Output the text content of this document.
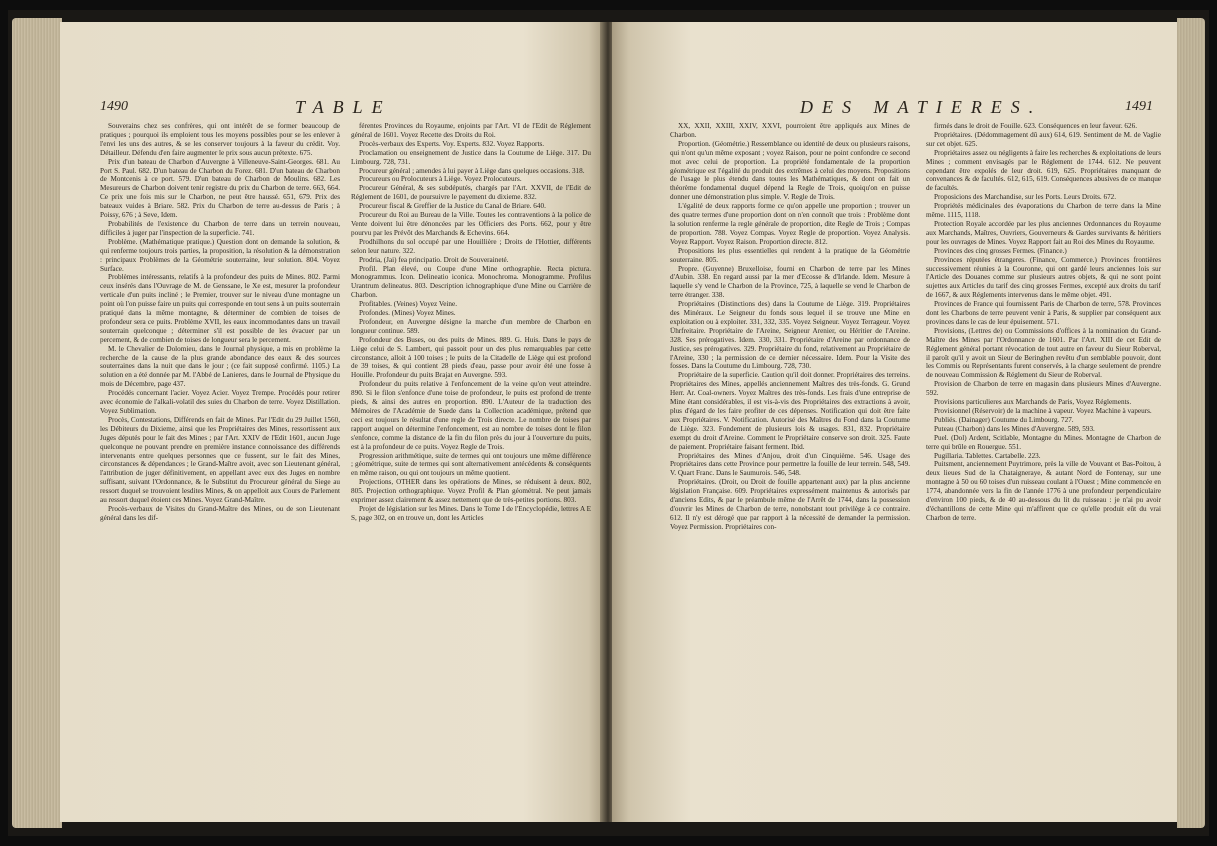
1490	TABLE

Souverains chez ses confrères, qui ont intérêt de se former beaucoup de pratiques ; pourquoi ils emploient tous les moyens possibles pour se les enlever à l'envi les uns des autres, & se les conserver toujours à la faveur du crédit. Voy. Détailleur. Défendu d'en faire augmenter le prix sous aucun prétexte. 675.

Prix d'un bateau de Charbon d'Auvergne à Villeneuve-Saint-Georges. 681. Au Port S. Paul. 682. D'un bateau de Charbon du Forez. 681. D'un bateau de Charbon de Montcenis à ce port. 579. D'un bateau de Charbon de Moulins. 682. Les Mesureurs de Charbon doivent tenir registre du prix du Charbon de terre. 663, 664. Ce prix une fois mis sur le Charbon, ne peut être haussé. 651, 679. Prix des bateaux vuides à Briare. 582. Prix du Charbon de terre au-dessus de Paris ; à Poissy, 676 ; à Seve, Idem.

Probabilités de l'existence du Charbon de terre dans un terrein nouveau, difficiles à juger par l'inspection de la superficie. 741.

Problème. (Mathématique pratique.) Question dont on demande la solution, & qui renferme toujours trois parties, la proposition, la résolution & la démonstration : principaux Problèmes de la Géométrie souterraine, leur solution. 804. Voyez Surface.

Problèmes intéressants, relatifs à la profondeur des puits de Mines. 802. Parmi ceux insérés dans l'Ouvrage de M. de Genssane, le Xe est, mesurer la profondeur verticale d'un puits incliné ; le Premier, trouver sur le niveau d'une montagne un point où l'on puisse faire un puits qui corresponde en tout sens à un puits souterrain pratiqué dans la même montagne, & déterminer de combien de toises de profondeur sera ce puits. Problème XVII, les eaux incommodantes dans un travail souterrain quelconque ; déterminer s'il est possible de les évacuer par un percement, & de combien de toises de longueur sera le percement.

M. le Chevalier de Dolomieu, dans le Journal physique, a mis en problème la recherche de la cause de la plus grande abondance des eaux & des sources souterraines dans la nuit que dans le jour ; (ce fait supposé confirmé. 1105.) La solution en a été donnée par M. l'Abbé de Lanieres, dans le Journal de Physique du mois de Décembre, page 437.

Procédés concernant l'acier. Voyez Acier. Voyez Trempe. Procédés pour retirer avec économie de l'alkali-volatil des suies du Charbon de terre. Voyez Distillation. Voyez Sublimation.

Procès, Contestations, Différends en fait de Mines. Par l'Edit du 29 Juillet 1560, les Débiteurs du Dixieme, ainsi que les Propriétaires des Mines, ressortissent aux Juges députés pour le fait des Mines ; par l'Art. XXIV de l'Edit 1601, aucun Juge quelconque ne pouvant prendre en première instance connoissance des différends intervenants entre quelques personnes que ce fussent, sur le fait des Mines, circonstances & dépendances ; le Grand-Maître avoit, avec son Lieutenant général, l'attribution de juger définitivement, en appellant avec eux des Juges en nombre suffisant, suivant l'Ordonnance, & le Substitut du Procureur général du Siege au ressort duquel se trouvoient lesdites Mines, & on appelloit aux Cours de Parlement au ressort duquel étoient ces Mines. Voyez Grand-Maître.

Procès-verbaux de Visites du Grand-Maître des Mines, ou de son Lieutenant général dans les dif-

férentes Provinces du Royaume, enjoints par l'Art. VI de l'Edit de Réglement général de 1601. Voyez Recette des Droits du Roi.

Procès-verbaux des Experts. Voy. Experts. 832. Voyez Rapports.

Proclamation ou enseignement de Justice dans la Coutume de Liège. 317. Du Limbourg. 728, 731.

Procureur général ; amendes à lui payer à Liège dans quelques occasions. 318.

Procureurs ou Prolocuteurs à Liège. Voyez Prolocuteurs.

Procureur Général, & ses subdéputés, chargés par l'Art. XXVII, de l'Edit de Réglement de 1601, de poursuivre le payement du dixieme. 832.

Procureur fiscal & Greffier de la Justice du Canal de Briare. 640.

Procureur du Roi au Bureau de la Ville. Toutes les contraventions à la police de Vente doivent lui être dénoncées par les Officiers des Ports. 662, pour y être pourvu par les Prévôt des Marchands & Echevins. 664.

Prodhilhons du sol occupé par une Houillière ; Droits de l'Hottier, différents selon leur nature. 322.

Prodria, (Jai) fea principatio. Droit de Souveraineté.

Profil. Plan élevé, ou Coupe d'une Mine orthographie. Recta pictura. Monogrammus. Icon. Delineatio iconica. Monochroma. Monogramme. Profilus Urantrum delineatus. 803. Description ichnographique d'une Mine ou Carrière de Charbon.

Profitables. (Veines) Voyez Veine.

Profondes. (Mines) Voyez Mines.

Profondeur, en Auvergne désigne la marche d'un membre de Charbon en longueur continue. 589.

Profondeur des Buses, ou des puits de Mines. 889. G. Huis. Dans le pays de Liège celui de S. Lambert, qui passoit pour un des plus remarquables par cette circonstance, alloit à 100 toises ; le puits de la Citadelle de Liège qui est profond de 39 toises, & qui contient 28 pieds d'eau, passe pour avoir été une fosse à Houille. Profondeur du puits Brajat en Auvergne. 593.

Profondeur du puits relative à l'enfoncement de la veine qu'on veut atteindre. 890. Si le filon s'enfonce d'une toise de profondeur, le puits est profond de trente pieds, & ainsi des autres en proportion. 890. L'Auteur de la traduction des Mémoires de l'Académie de Suede dans la Collection académique, prétend que ceci est toujours le résultat d'une regle de Trois directe. Le nombre de toises par rapport auquel on détermine l'enfoncement, est au nombre de toises dont le filon s'enfonce, comme la distance de la fin du filon près du jour à l'ouverture du puits, est à la profondeur de ce puits. Voyez Regle de Trois.

Progression arithmétique, suite de termes qui ont toujours une même différence ; géométrique, suite de termes qui sont alternativement antécédents & conséquents en même raison, ou qui ont toujours un même quotient.

Projections, OTHER dans les opérations de Mines, se réduisent à deux. 802, 805. Projection orthographique. Voyez Profil & Plan géométral. Ne peut jamais exprimer assez clairement & assez nettement que de très-petites portions. 803.

Projet de législation sur les Mines. Dans le Tome I de l'Encyclopédie, lettres A E S, page 302, on en trouve un, dont les Articles

DES MATIERES.	1491

XX, XXII, XXIII, XXIV, XXVI, pourroient être appliqués aux Mines de Charbon.

Proportion. (Géométrie.) Ressemblance ou identité de deux ou plusieurs raisons, qui n'ont qu'un même exposant ; voyez Raison, pour ne point confondre ce second mot avec celui de proportion. La propriété fondamentale de la proportion géométrique est l'égalité du produit des extrêmes à celui des moyens. Propositions de l'usage le plus étendu dans toutes les Mathématiques, & dont on fait un théorème fondamental duquel dépend la Regle de Trois, quoiqu'on en puisse donner une démonstration plus simple. V. Regle de Trois.

L'égalité de deux rapports forme ce qu'on appelle une proportion ; trouver un des quatre termes d'une proportion dont on n'en connoît que trois : Problème dont la solution renferme la regle générale de proportion, dite Regle de Trois ; Compas de proportion. 788. Voyez Compas. Voyez Regle de proportion. Voyez Analysis. Voyez Rapport. Voyez Raison. Proportion directe. 812.

Propositions les plus essentielles qui rendent à la pratique de la Géométrie souterraine. 805.

Propre. (Guyenne) Bruxelloise, fourni en Charbon de terre par les Mines d'Aubin. 338. En regard aussi par la mer d'Ecosse & d'Irlande. Idem. Mesure à laquelle s'y vend le Charbon de la Province, 725, à laquelle se vend le Charbon de terre étranger. 338.

Propriétaires (Distinctions des) dans la Coutume de Liège. 319. Propriétaires des Minéraux. Le Seigneur du fonds sous lequel il se trouve une Mine en exploitation ou à exploiter. 331, 332, 335. Voyez Seigneur. Voyez Terrageur. Voyez Ührfreitaire. Propriétaire de l'Areine, Seigneur Arenier, ou Héritier de l'Areine. 328. Ses prérogatives. Idem. 330, 331. Propriétaire d'Areine par ordonnance de Justice, ses prérogatives. 329. Propriétaire du fond, relativement au Propriétaire de l'Areine, 330 ; la permission de ce dernier nécessaire. Idem. Pour la Visite des fosses. Dans la Coutume du Limbourg. 728, 730.

Propriétaire de la superficie. Caution qu'il doit donner. Propriétaires des terreins. Propriétaires des Mines, appellés anciennement Maîtres des très-fonds. G. Grund Herr. Ar. Coal-owners. Voyez Maîtres des très-fonds. Les frais d'une entreprise de Mine étant considérables, il est vis-à-vis des Propriétaires des extractions à avoir, plus d'égard de les faire profiter de ces dépenses. Notification qui doit être faite aux Propriétaires. V. Notification. Autorisé des Maîtres du Fond dans la Coutume de Liège. 323. Fondement de plusieurs lois & usages. 831, 832. Propriétaire exempt du droit d'Areine. Comment le Propriétaire conserve son droit. 325. Faute de paiement. Propriétaire faisant ferment. Ibid.

Propriétaires des Mines d'Anjou, droit d'un Cinquième. 546. Usage des Propriétaires dans cette Province pour permettre la fouille de leur terrein. 548, 549. V. Quart Franc. Dans le Saumurois. 546, 548.

Propriétaires. (Droit, ou Droit de fouille appartenant aux) par la plus ancienne législation Française. 609. Propriétaires expressément maintenus & autorisés par d'anciens Edits, & par le préambule même de l'Arrêt de 1744, dans la possession d'ouvrir les Mines de Charbon de terre, nonobstant tout privilège à ce contraire. 612. Il n'y est dérogé que par rapport à la nécessité de demander la permission. Voyez Permission. Propriétaires con-

firmés dans le droit de Fouille. 623. Conséquences en leur faveur. 626.

Propriétaires. (Dédommagement dû aux) 614, 619. Sentiment de M. de Vaglie sur cet objet. 625.

Propriétaires assez ou négligents à faire les recherches & exploitations de leurs Mines ; comment envisagés par le Réglement de 1744. 612. Ne peuvent cependant être expolés de leur droit. 619, 625. Propriétaires manquant de convenances & de facultés. 612, 615, 619. Conséquences abusives de ce manque de facultés.

Proposicions des Marchandise, sur les Ports. Leurs Droits. 672.

Propriétés médicinales des évaporations du Charbon de terre dans la Mine même. 1115, 1118.

Protection Royale accordée par les plus anciennes Ordonnances du Royaume aux Marchands, Maîtres, Ouvriers, Gouverneurs & Gardes survivants & héritiers pour les ouvrages de Mines. Voyez Rapport fait au Roi des Mines du Royaume.

Provinces des cinq grosses Fermes. (Finance.)

Provinces réputées étrangeres. (Finance, Commerce.) Provinces frontières successivement réunies à la Couronne, qui ont gardé leurs anciennes lois sur l'Article des Douanes comme sur plusieurs autres objets, & qui ne sont point sujettes aux Articles du tarif des cinq grosses Fermes, excepté aux droits du tarif de 1667, & aux Réglements intervenus dans le même objet. 491.

Provinces de France qui fournissent Paris de Charbon de terre, 578. Provinces dont les Charbons de terre peuvent venir à Paris, & supplier par conséquent aux provinces dans le cas de leur épuisement. 571.

Provisions, (Lettres de) ou Commissions d'offices à la nomination du Grand-Maître des Mines par l'Ordonnance de 1601. Par l'Art. XIII de cet Edit de Réglement général portant révocation de tout autre en faveur du Sieur Roberval, il paroît qu'il y avoit un Sieur de Beringhen revêtu d'un semblable pouvoir, dont les Commis ou Représentants furent conservés, à la charge seulement de prendre de nouveau Commission & Réglement du Sieur de Roberval.

Provision de Charbon de terre en magasin dans plusieurs Mines d'Auvergne. 592.

Provisions particulieres aux Marchands de Paris, Voyez Réglements.

Provisionnel (Réservoir) de la machine à vapeur. Voyez Machine à vapeurs.

Publiés. (Dainager) Coutume du Limbourg. 727.

Puteau (Charbon) dans les Mines d'Auvergne. 589, 593.

Puel. (Dol) Ardent, Scitlable, Montagne du Mines. Montagne de Charbon de terre qui brûle en Rouergue. 551.

Pugillaria. Tablettes. Cartabelle. 223.

Puitsment, anciennement Puytrimore, près la ville de Vouvant et Bas-Poitou, à deux lieues Sud de la Chataigneraye, & autant Nord de Fontenay, sur une montagne à 50 ou 60 toises d'un ruisseau coulant à l'Ouest ; Mine commencée en 1774, abandonnée vers la fin de l'année 1776 à une profondeur perpendiculaire d'environ 100 pieds, & de 40 au-dessous du lit du ruisseau : je n'ai pu avoir d'échantillons de cette Mine qui m'affirent que ce qu'elle produit eût du vrai Charbon de terre.
